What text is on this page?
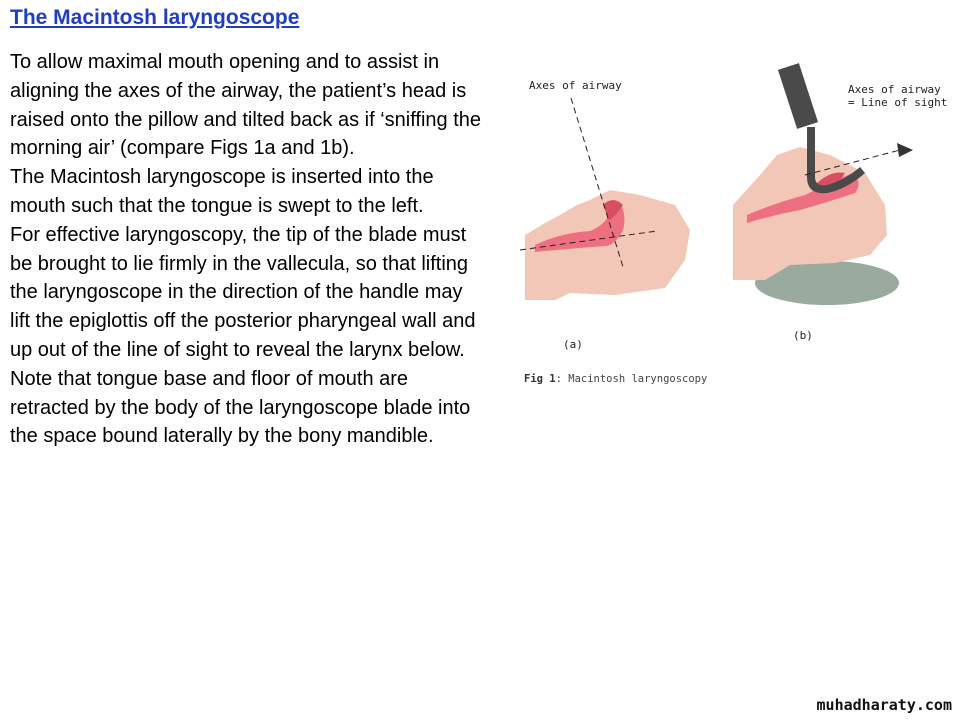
The Macintosh laryngoscope

To allow maximal mouth opening and to assist in aligning the axes of the airway, the patient’s head is raised onto the pillow and tilted back as if ‘sniffing the morning air’ (compare Figs 1a and 1b).

The Macintosh laryngoscope is inserted into the mouth such that the tongue is swept to the left.

For effective laryngoscopy, the tip of the blade must be brought to lie firmly in the vallecula, so that lifting the laryngoscope in the direction of the handle may lift the epiglottis off the posterior pharyngeal wall and up out of the line of sight to reveal the larynx below.

Note that tongue base and floor of mouth are retracted by the body of the laryngoscope blade into the space bound laterally by the bony mandible.

Axes of airway	Axes of airway

= Line of sight

(a)

(b)

Fig 1: Macintosh laryngoscopy

muhadharaty.com
